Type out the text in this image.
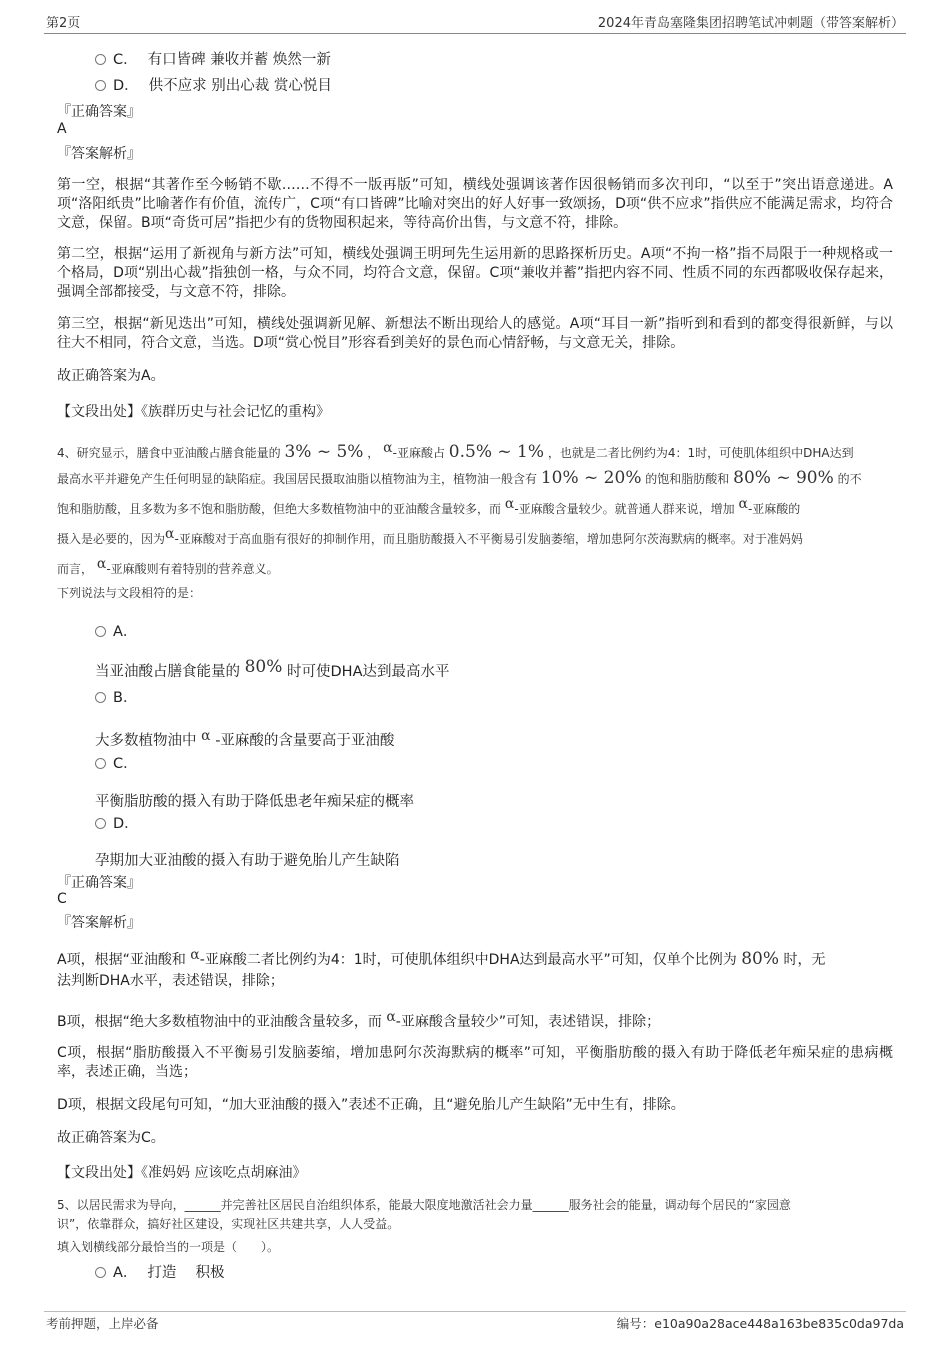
第2页	2024年青岛塞隆集团招聘笔试冲刺题（带答案解析）
C． 有口皆碑 兼收并蓄 焕然一新
D． 供不应求 别出心裁 赏心悦目
『正确答案』
A
『答案解析』
第一空，根据“其著作至今畅销不歇……不得不一版再版”可知，横线处强调该著作因很畅销而多次刊印，“以至于”突出语意递进。A项“洛阳纸贵”比喻著作有价值，流传广，C项“有口皆碑”比喻对突出的好人好事一致颂扬，D项“供不应求”指供应不能满足需求，均符合文意，保留。B项“奇货可居”指把少有的货物囤积起来，等待高价出售，与文意不符，排除。
第二空，根据“运用了新视角与新方法”可知，横线处强调王明珂先生运用新的思路探析历史。A项“不拘一格”指不局限于一种规格或一个格局，D项“别出心裁”指独创一格，与众不同，均符合文意，保留。C项“兼收并蓄”指把内容不同、性质不同的东西都吸收保存起来，强调全部都接受，与文意不符，排除。
第三空，根据“新见迭出”可知，横线处强调新见解、新想法不断出现给人的感觉。A项“耳目一新”指听到和看到的都变得很新鲜，与以往大不相同，符合文意，当选。D项“赏心悦目”形容看到美好的景色而心情舒畅，与文意无关，排除。
故正确答案为A。
【文段出处】《族群历史与社会记忆的重构》
4、研究显示，膳食中亚油酸占膳食能量的 3% ~ 5% ， α-亚麻酸占 0.5% ~ 1% ，也就是二者比例约为4：1时，可使肌体组织中DHA达到
最高水平并避免产生任何明显的缺陷症。我国居民摄取油脂以植物油为主，植物油一般含有 10% ~ 20% 的饱和脂肪酸和 80% ~ 90% 的不
饱和脂肪酸，且多数为多不饱和脂肪酸，但绝大多数植物油中的亚油酸含量较多，而 α-亚麻酸含量较少。就普通人群来说，增加 α-亚麻酸的
摄入是必要的，因为α-亚麻酸对于高血脂有很好的抑制作用，而且脂肪酸摄入不平衡易引发脑萎缩，增加患阿尔茨海默病的概率。对于准妈妈
而言， α-亚麻酸则有着特别的营养意义。
下列说法与文段相符的是：
A．
当亚油酸占膳食能量的 80% 时可使DHA达到最高水平
B．
大多数植物油中 α -亚麻酸的含量要高于亚油酸
C．
平衡脂肪酸的摄入有助于降低患老年痴呆症的概率
D．
孕期加大亚油酸的摄入有助于避免胎儿产生缺陷
『正确答案』
C
『答案解析』
A项，根据“亚油酸和 α-亚麻酸二者比例约为4：1时，可使肌体组织中DHA达到最高水平”可知，仅单个比例为 80% 时，无
法判断DHA水平，表述错误，排除；
B项，根据“绝大多数植物油中的亚油酸含量较多，而 α-亚麻酸含量较少”可知，表述错误，排除；
C项，根据“脂肪酸摄入不平衡易引发脑萎缩，增加患阿尔茨海默病的概率”可知，平衡脂肪酸的摄入有助于降低老年痴呆症的患病概率，表述正确，当选；
D项，根据文段尾句可知，“加大亚油酸的摄入”表述不正确，且“避免胎儿产生缺陷”无中生有，排除。
故正确答案为C。
【文段出处】《准妈妈 应该吃点胡麻油》
5、以居民需求为导向，______并完善社区居民自治组织体系，能最大限度地激活社会力量______服务社会的能量，调动每个居民的“家园意
识”，依靠群众，搞好社区建设，实现社区共建共享，人人受益。
填入划横线部分最恰当的一项是（　　）。
A． 打造　 积极
考前押题，上岸必备	编号：e10a90a28ace448a163be835c0da97da
